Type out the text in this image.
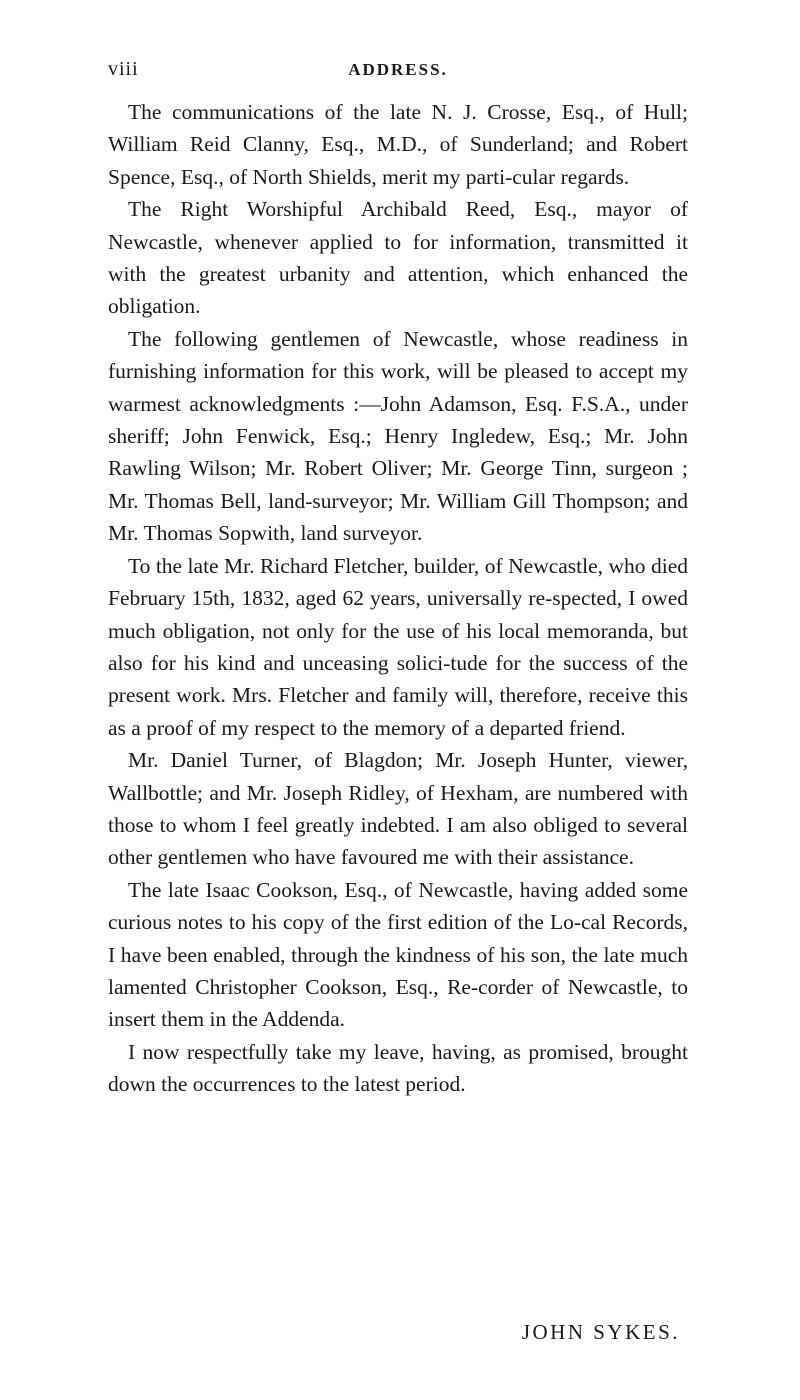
viii	ADDRESS.

The communications of the late N. J. Crosse, Esq., of Hull; William Reid Clanny, Esq., M.D., of Sunderland; and Robert Spence, Esq., of North Shields, merit my parti-cular regards.

The Right Worshipful Archibald Reed, Esq., mayor of Newcastle, whenever applied to for information, transmitted it with the greatest urbanity and attention, which enhanced the obligation.

The following gentlemen of Newcastle, whose readiness in furnishing information for this work, will be pleased to accept my warmest acknowledgments :—John Adamson, Esq. F.S.A., under sheriff; John Fenwick, Esq.; Henry Ingledew, Esq.; Mr. John Rawling Wilson; Mr. Robert Oliver; Mr. George Tinn, surgeon ; Mr. Thomas Bell, land-surveyor; Mr. William Gill Thompson; and Mr. Thomas Sopwith, land surveyor.

To the late Mr. Richard Fletcher, builder, of Newcastle, who died February 15th, 1832, aged 62 years, universally re-spected, I owed much obligation, not only for the use of his local memoranda, but also for his kind and unceasing solici-tude for the success of the present work. Mrs. Fletcher and family will, therefore, receive this as a proof of my respect to the memory of a departed friend.

Mr. Daniel Turner, of Blagdon; Mr. Joseph Hunter, viewer, Wallbottle; and Mr. Joseph Ridley, of Hexham, are numbered with those to whom I feel greatly indebted. I am also obliged to several other gentlemen who have favoured me with their assistance.

The late Isaac Cookson, Esq., of Newcastle, having added some curious notes to his copy of the first edition of the Lo-cal Records, I have been enabled, through the kindness of his son, the late much lamented Christopher Cookson, Esq., Re-corder of Newcastle, to insert them in the Addenda.

I now respectfully take my leave, having, as promised, brought down the occurrences to the latest period.

JOHN SYKES.
